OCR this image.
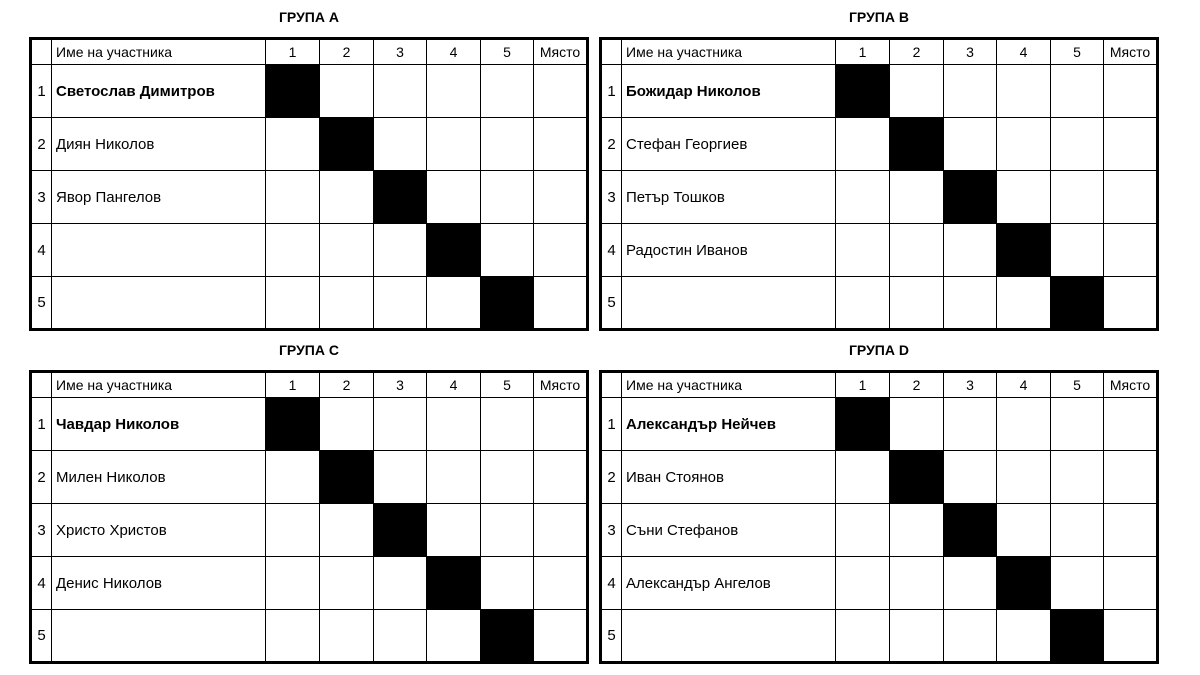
ГРУПА А
	Име на участника	1	2	3	4	5	Място
1	Светослав Димитров						
2	Диян Николов						
3	Явор Пангелов						
4							
5							
ГРУПА В
	Име на участника	1	2	3	4	5	Място
1	Божидар Николов						
2	Стефан Георгиев						
3	Петър Тошков						
4	Радостин Иванов						
5							
ГРУПА С
	Име на участника	1	2	3	4	5	Място
1	Чавдар Николов						
2	Милен Николов						
3	Христо Христов						
4	Денис Николов						
5							
ГРУПА D
	Име на участника	1	2	3	4	5	Място
1	Александър Нейчев						
2	Иван Стоянов						
3	Съни Стефанов						
4	Александър Ангелов						
5							
